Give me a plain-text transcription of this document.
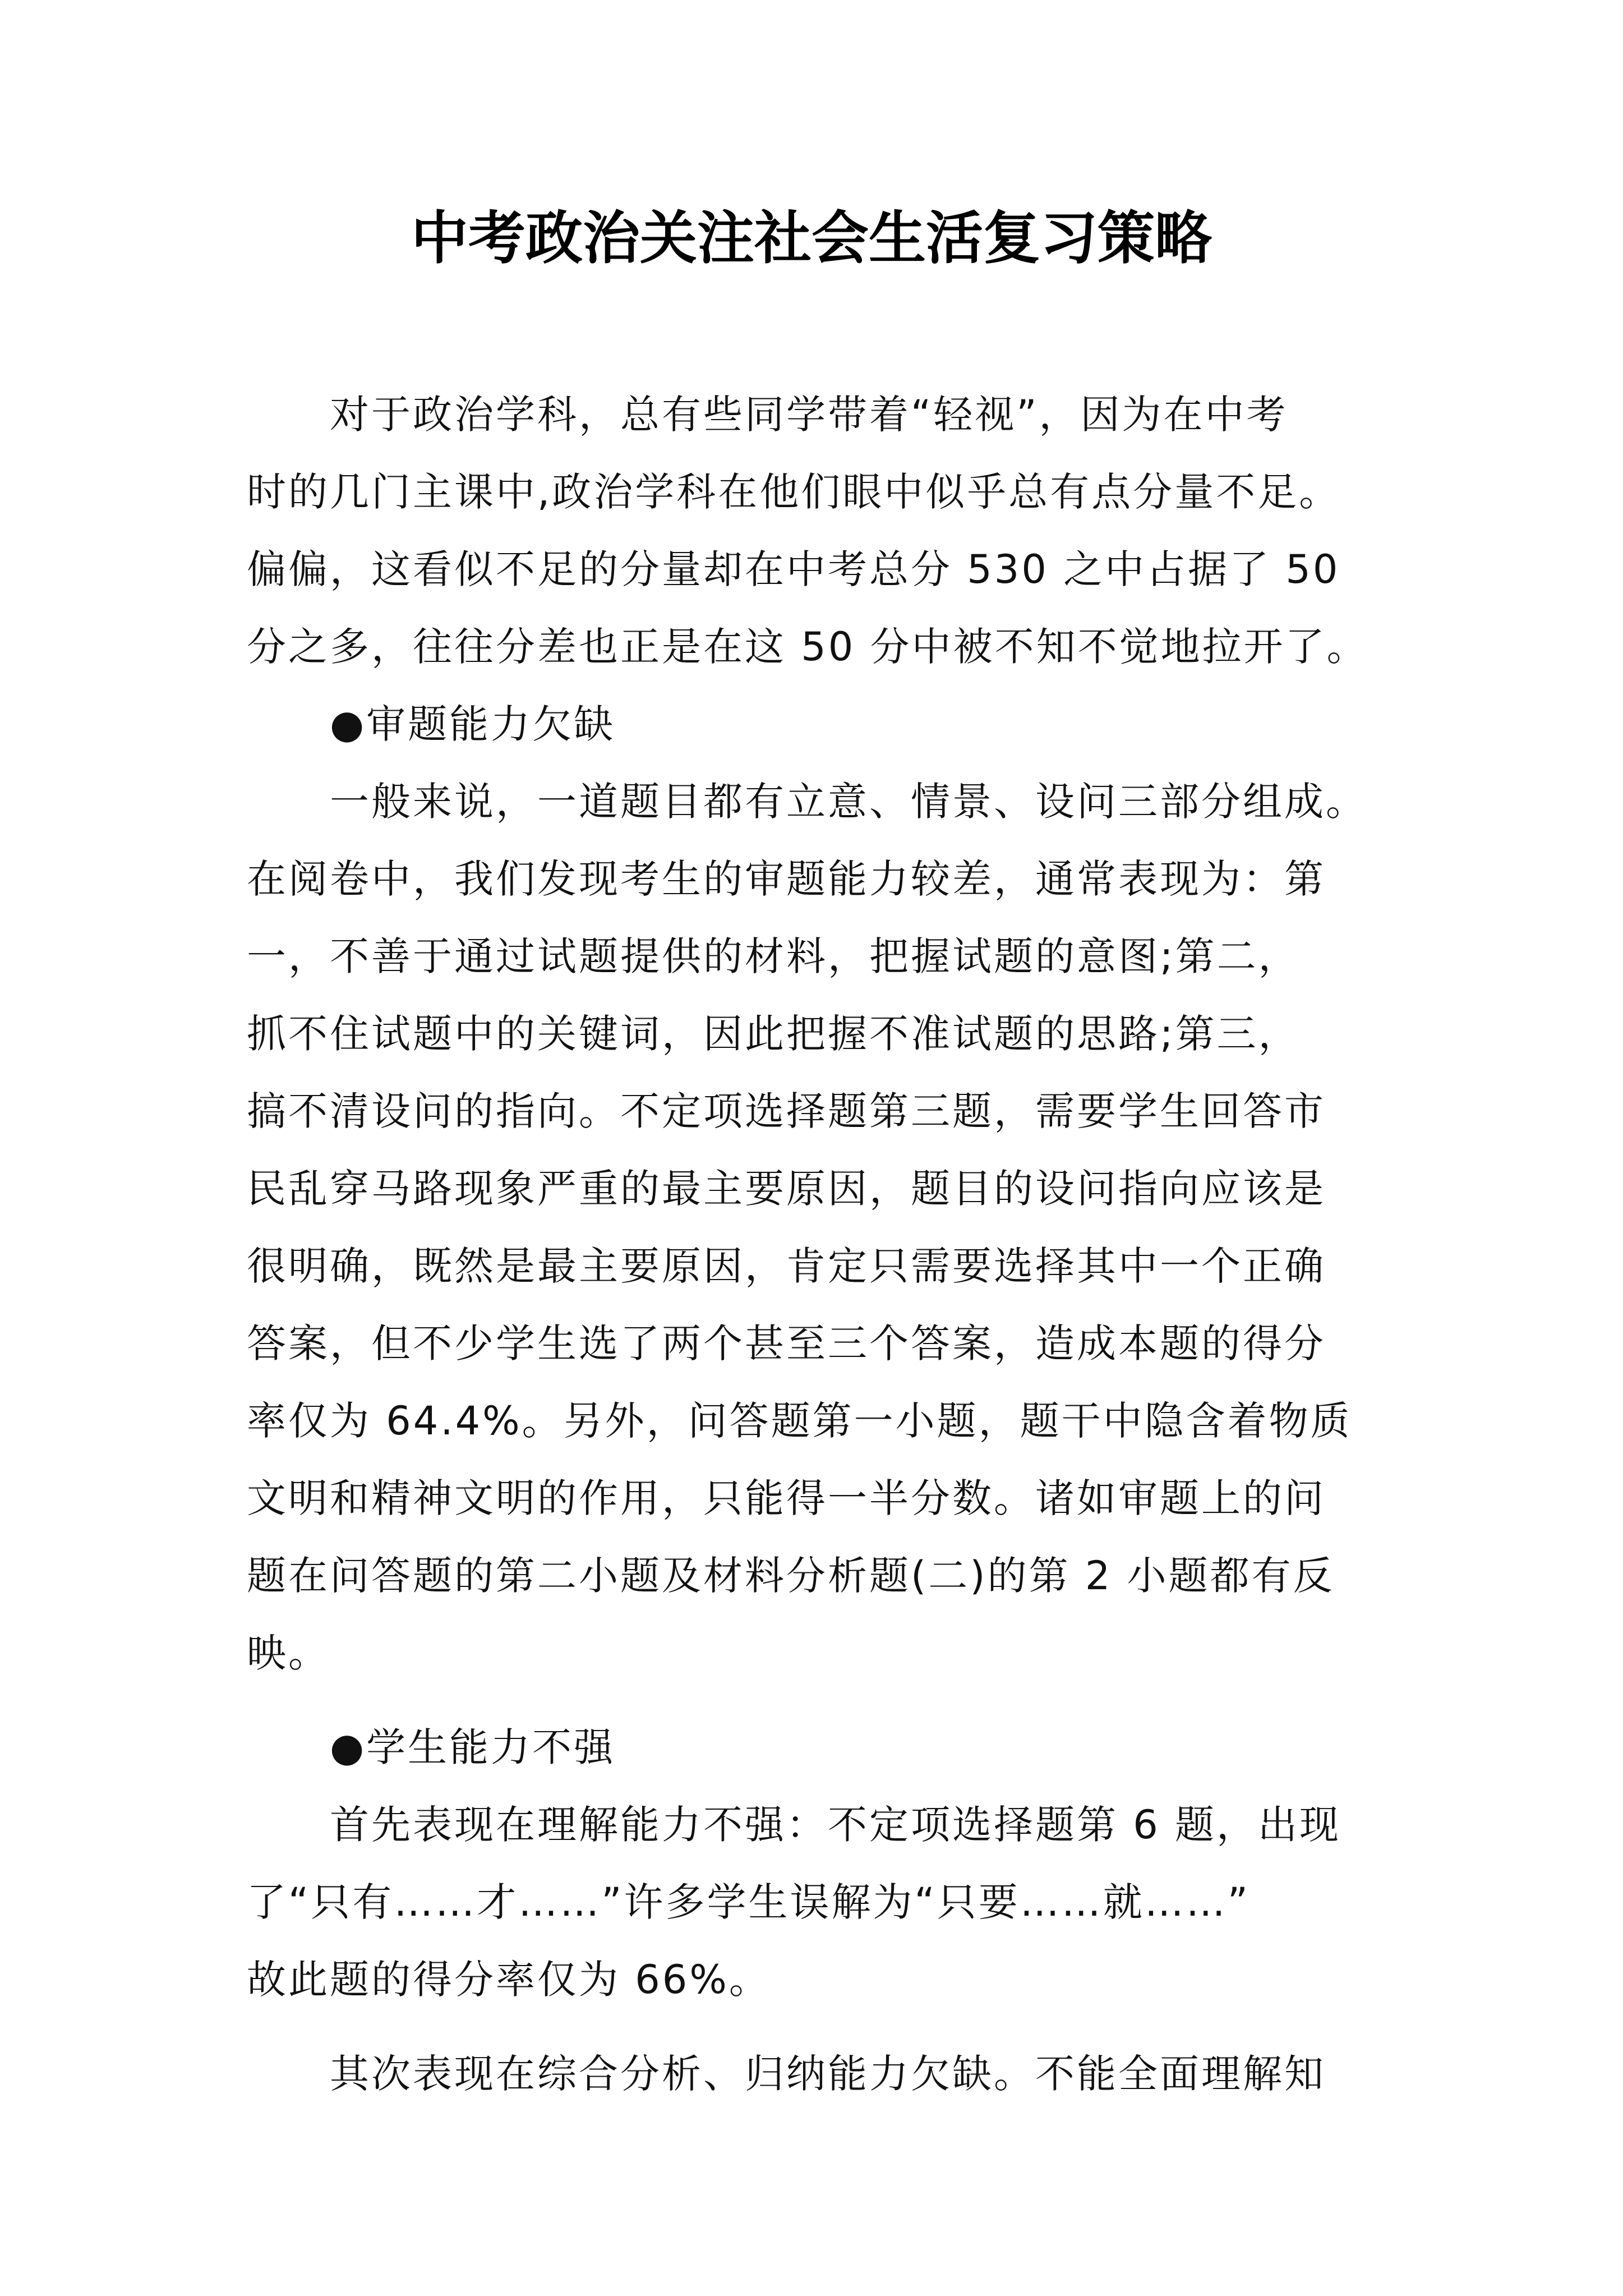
中考政治关注社会生活复习策略

对于政治学科，总有些同学带着“轻视”，因为在中考
时的几门主课中,政治学科在他们眼中似乎总有点分量不足。
偏偏，这看似不足的分量却在中考总分 530 之中占据了 50
分之多，往往分差也正是在这 50 分中被不知不觉地拉开了。

●审题能力欠缺

一般来说，一道题目都有立意、情景、设问三部分组成。
在阅卷中，我们发现考生的审题能力较差，通常表现为：第
一，不善于通过试题提供的材料，把握试题的意图;第二，
抓不住试题中的关键词，因此把握不准试题的思路;第三，
搞不清设问的指向。不定项选择题第三题，需要学生回答市
民乱穿马路现象严重的最主要原因，题目的设问指向应该是
很明确，既然是最主要原因，肯定只需要选择其中一个正确
答案，但不少学生选了两个甚至三个答案，造成本题的得分
率仅为 64.4%。另外，问答题第一小题，题干中隐含着物质
文明和精神文明的作用，只能得一半分数。诸如审题上的问
题在问答题的第二小题及材料分析题(二)的第 2 小题都有反
映。

●学生能力不强

首先表现在理解能力不强：不定项选择题第 6 题，出现
了“只有……才……”许多学生误解为“只要……就……”
故此题的得分率仅为 66%。

其次表现在综合分析、归纳能力欠缺。不能全面理解知
